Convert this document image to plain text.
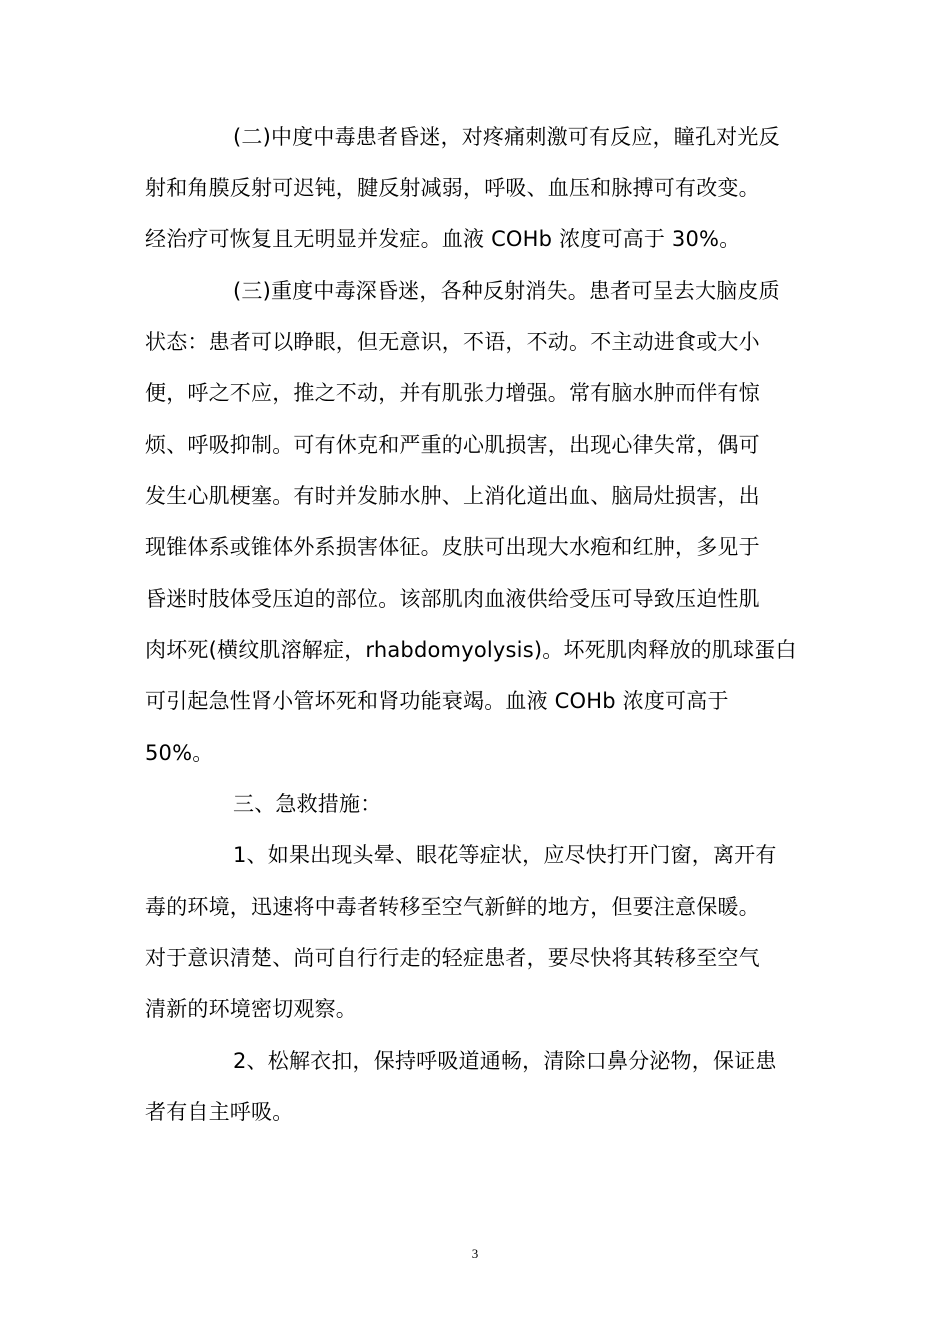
(二)中度中毒患者昏迷，对疼痛刺激可有反应，瞳孔对光反
射和角膜反射可迟钝，腱反射减弱，呼吸、血压和脉搏可有改变。
经治疗可恢复且无明显并发症。血液 COHb 浓度可高于 30%。
(三)重度中毒深昏迷，各种反射消失。患者可呈去大脑皮质
状态：患者可以睁眼，但无意识，不语，不动。不主动进食或大小
便，呼之不应，推之不动，并有肌张力增强。常有脑水肿而伴有惊
烦、呼吸抑制。可有休克和严重的心肌损害，出现心律失常，偶可
发生心肌梗塞。有时并发肺水肿、上消化道出血、脑局灶损害，出
现锥体系或锥体外系损害体征。皮肤可出现大水疱和红肿，多见于
昏迷时肢体受压迫的部位。该部肌肉血液供给受压可导致压迫性肌
肉坏死(横纹肌溶解症，rhabdomyolysis)。坏死肌肉释放的肌球蛋白
可引起急性肾小管坏死和肾功能衰竭。血液 COHb 浓度可高于
50%。
三、急救措施：
1、如果出现头晕、眼花等症状，应尽快打开门窗，离开有
毒的环境，迅速将中毒者转移至空气新鲜的地方，但要注意保暖。
对于意识清楚、尚可自行行走的轻症患者，要尽快将其转移至空气
清新的环境密切观察。
2、松解衣扣，保持呼吸道通畅，清除口鼻分泌物，保证患
者有自主呼吸。
3
